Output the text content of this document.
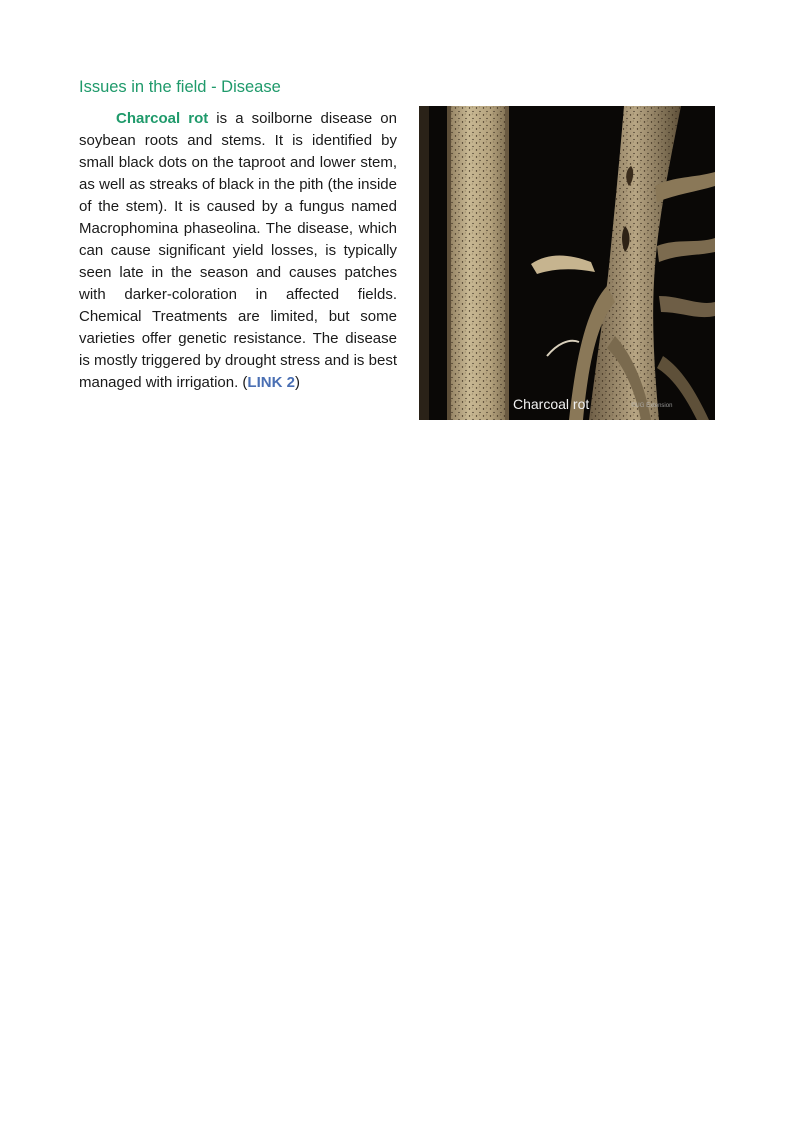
Issues in the field - Disease

Charcoal rot is a soilborne disease on soybean roots and stems. It is identified by small black dots on the taproot and lower stem, as well as streaks of black in the pith (the inside of the stem). It is caused by a fungus named Macrophomina phaseolina. The disease, which can cause significant yield losses, is typically seen late in the season and causes patches with darker-coloration in affected fields. Chemical Treatments are limited, but some varieties offer genetic resistance. The disease is mostly triggered by drought stress and is best managed with irrigation. (LINK 2)

Charcoal rot	©UG Extension
